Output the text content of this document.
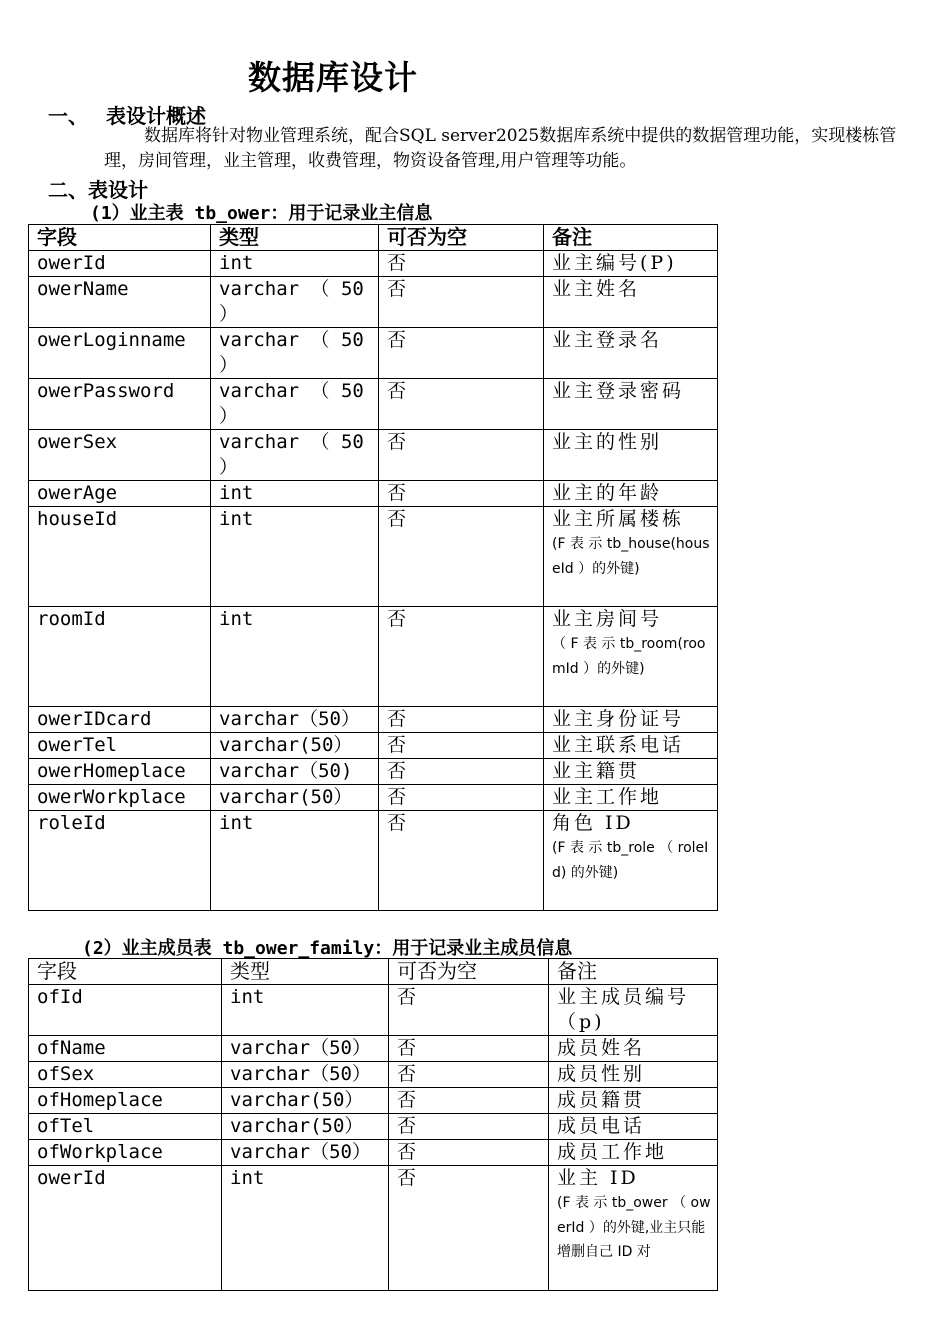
数据库设计
一、 表设计概述
数据库将针对物业管理系统，配合SQL server2025数据库系统中提供的数据管理功能，实现楼栋管理，房间管理，业主管理，收费管理，物资设备管理,用户管理等功能。
二、表设计
(1）业主表 tb_ower：用于记录业主信息
字段	类型	可否为空	备注
owerId	int	否	业主编号(P)

owerName	varchar （ 50 ）	否	业主姓名

owerLoginname	varchar （ 50 ）	否	业主登录名

owerPassword	varchar （ 50 ）	否	业主登录密码

owerSex	varchar （ 50 ）	否	业主的性别

owerAge	int	否	业主的年龄

houseId	int	否	业主所属楼栋
(F 表 示 tb_house(houseId ）的外键)

roomId	int	否	业主房间号
（ F 表 示 tb_room(roomId ）的外键)

owerIDcard	varchar（50）	否	业主身份证号

owerTel	varchar(50）	否	业主联系电话

owerHomeplace	varchar（50)	否	业主籍贯

owerWorkplace	varchar(50）	否	业主工作地

roleId	int	否	角色 ID
(F 表 示 tb_role （ roleId) 的外键)
(2）业主成员表 tb_ower_family：用于记录业主成员信息
字段	类型	可否为空	备注
ofId	int	否	业主成员编号（p)

ofName	varchar（50）	否	成员姓名

ofSex	varchar（50）	否	成员性别

ofHomeplace	varchar(50）	否	成员籍贯

ofTel	varchar(50）	否	成员电话

ofWorkplace	varchar（50）	否	成员工作地

owerId	int	否	业主 ID
(F 表 示 tb_ower （ owerId ）的外键,业主只能增删自己 ID 对
